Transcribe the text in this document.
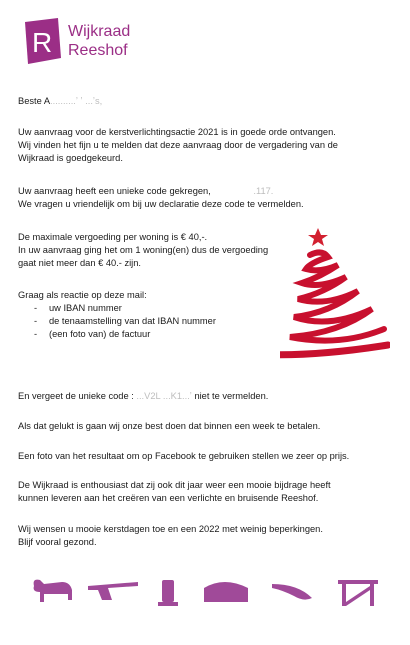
R Wijkraad
Reeshof
Beste A..........ʼ ʼ ...ʼs,

Uw aanvraag voor de kerstverlichtingsactie 2021 is in goede orde ontvangen.

Wij vinden het fijn u te melden dat deze aanvraag door de vergadering van de

Wijkraad is goedgekeurd.

Uw aanvraag heeft een unieke code gekregen,	.117.

We vragen u vriendelijk om bij uw declaratie deze code te vermelden.

De maximale vergoeding per woning is € 40,-.

In uw aanvraag ging het om 1 woning(en) dus de vergoeding

gaat niet meer dan € 40.- zijn.

Graag als reactie op deze mail:

- uw IBAN nummer
- de tenaamstelling van dat IBAN nummer
- (een foto van) de factuur
En vergeet de unieke code : ...V2L ...K1...ʼ niet te vermelden.
Als dat gelukt is gaan wij onze best doen dat binnen een week te betalen.
Een foto van het resultaat om op Facebook te gebruiken stellen we zeer op prijs.

De Wijkraad is enthousiast dat zij ook dit jaar weer een mooie bijdrage heeft

kunnen leveren aan het creëren van een verlichte en bruisende Reeshof.

Wij wensen u mooie kerstdagen toe en een 2022 met weinig beperkingen.

Blijf vooral gezond.
